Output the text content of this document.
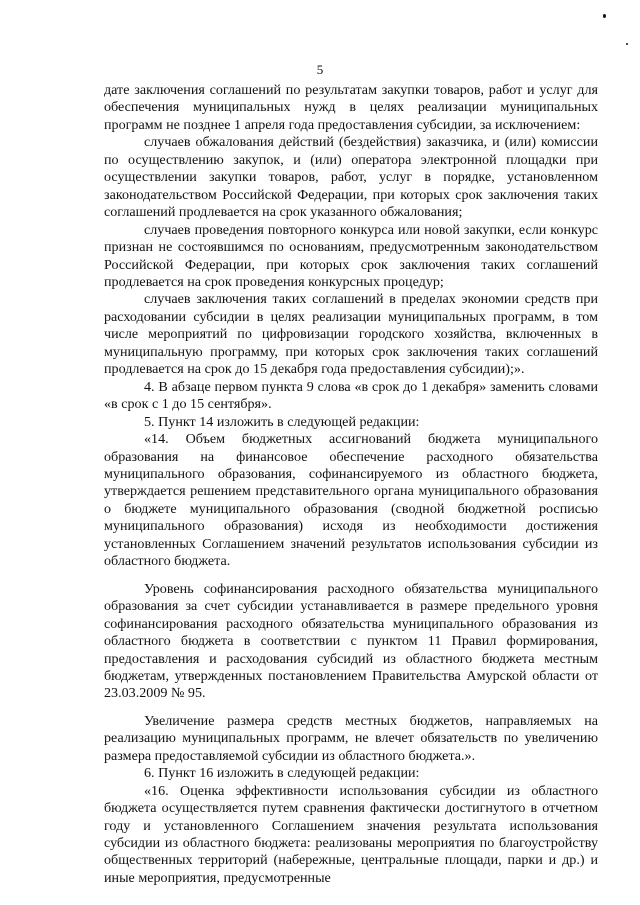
5

дате заключения соглашений по результатам закупки товаров, работ и услуг для обеспечения муниципальных нужд в целях реализации муниципальных программ не позднее 1 апреля года предоставления субсидии, за исключением:

случаев обжалования действий (бездействия) заказчика, и (или) комиссии по осуществлению закупок, и (или) оператора электронной площадки при осуществлении закупки товаров, работ, услуг в порядке, установленном законодательством Российской Федерации, при которых срок заключения таких соглашений продлевается на срок указанного обжалования;

случаев проведения повторного конкурса или новой закупки, если конкурс признан не состоявшимся по основаниям, предусмотренным законодательством Российской Федерации, при которых срок заключения таких соглашений продлевается на срок проведения конкурсных процедур;

случаев заключения таких соглашений в пределах экономии средств при расходовании субсидии в целях реализации муниципальных программ, в том числе мероприятий по цифровизации городского хозяйства, включенных в муниципальную программу, при которых срок заключения таких соглашений продлевается на срок до 15 декабря года предоставления субсидии);».

4. В абзаце первом пункта 9 слова «в срок до 1 декабря» заменить словами «в срок с 1 до 15 сентября».

5. Пункт 14 изложить в следующей редакции:

«14. Объем бюджетных ассигнований бюджета муниципального образования на финансовое обеспечение расходного обязательства муниципального образования, софинансируемого из областного бюджета, утверждается решением представительного органа муниципального образования о бюджете муниципального образования (сводной бюджетной росписью муниципального образования) исходя из необходимости достижения установленных Соглашением значений результатов использования субсидии из областного бюджета.

Уровень софинансирования расходного обязательства муниципального образования за счет субсидии устанавливается в размере предельного уровня софинансирования расходного обязательства муниципального образования из областного бюджета в соответствии с пунктом 11 Правил формирования, предоставления и расходования субсидий из областного бюджета местным бюджетам, утвержденных постановлением Правительства Амурской области от 23.03.2009 № 95.

Увеличение размера средств местных бюджетов, направляемых на реализацию муниципальных программ, не влечет обязательств по увеличению размера предоставляемой субсидии из областного бюджета.».

6. Пункт 16 изложить в следующей редакции:

«16. Оценка эффективности использования субсидии из областного бюджета осуществляется путем сравнения фактически достигнутого в отчетном году и установленного Соглашением значения результата использования субсидии из областного бюджета: реализованы мероприятия по благоустройству общественных территорий (набережные, центральные площади, парки и др.) и иные мероприятия, предусмотренные
